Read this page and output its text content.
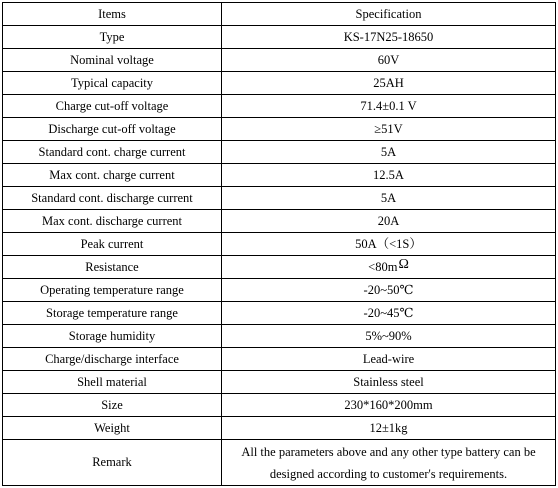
Items	Specification
Type	KS-17N25-18650
Nominal voltage	60V
Typical capacity	25AH
Charge cut-off voltage	71.4±0.1 V
Discharge cut-off voltage	≥51V
Standard cont. charge current	5A
Max cont. charge current	12.5A
Standard cont. discharge current	5A
Max cont. discharge current	20A
Peak current	50A（<1S）
Resistance	<80mΩ
Operating temperature range	-20~50℃
Storage temperature range	-20~45℃
Storage humidity	5%~90%
Charge/discharge interface	Lead-wire
Shell material	Stainless steel
Size	230*160*200mm
Weight	12±1kg
Remark	All the parameters above and any other type battery can be designed according to customer's requirements.
